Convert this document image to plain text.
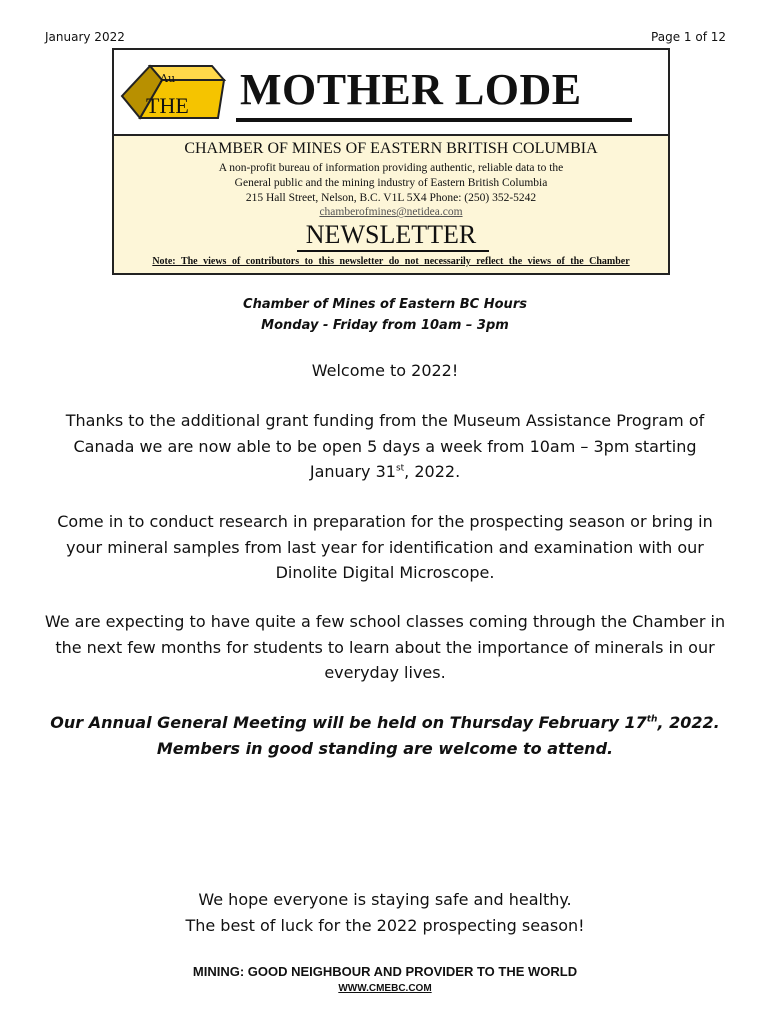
January 2022	Page 1 of 12
Au
THE MOTHER LODE
CHAMBER OF MINES OF EASTERN BRITISH COLUMBIA
A non-profit bureau of information providing authentic, reliable data to the
General public and the mining industry of Eastern British Columbia
215 Hall Street, Nelson, B.C. V1L 5X4 Phone: (250) 352-5242
chamberofmines@netidea.com
NEWSLETTER
Note: The views of contributors to this newsletter do not necessarily reflect the views of the Chamber
Chamber of Mines of Eastern BC Hours
Monday - Friday from 10am – 3pm
Welcome to 2022!
Thanks to the additional grant funding from the Museum Assistance Program of
Canada we are now able to be open 5 days a week from 10am – 3pm starting
January 31st, 2022.
Come in to conduct research in preparation for the prospecting season or bring in
your mineral samples from last year for identification and examination with our
Dinolite Digital Microscope.
We are expecting to have quite a few school classes coming through the Chamber in
the next few months for students to learn about the importance of minerals in our
everyday lives.
Our Annual General Meeting will be held on Thursday February 17th, 2022.
Members in good standing are welcome to attend.
We hope everyone is staying safe and healthy.
The best of luck for the 2022 prospecting season!
MINING: GOOD NEIGHBOUR AND PROVIDER TO THE WORLD
WWW.CMEBC.COM
